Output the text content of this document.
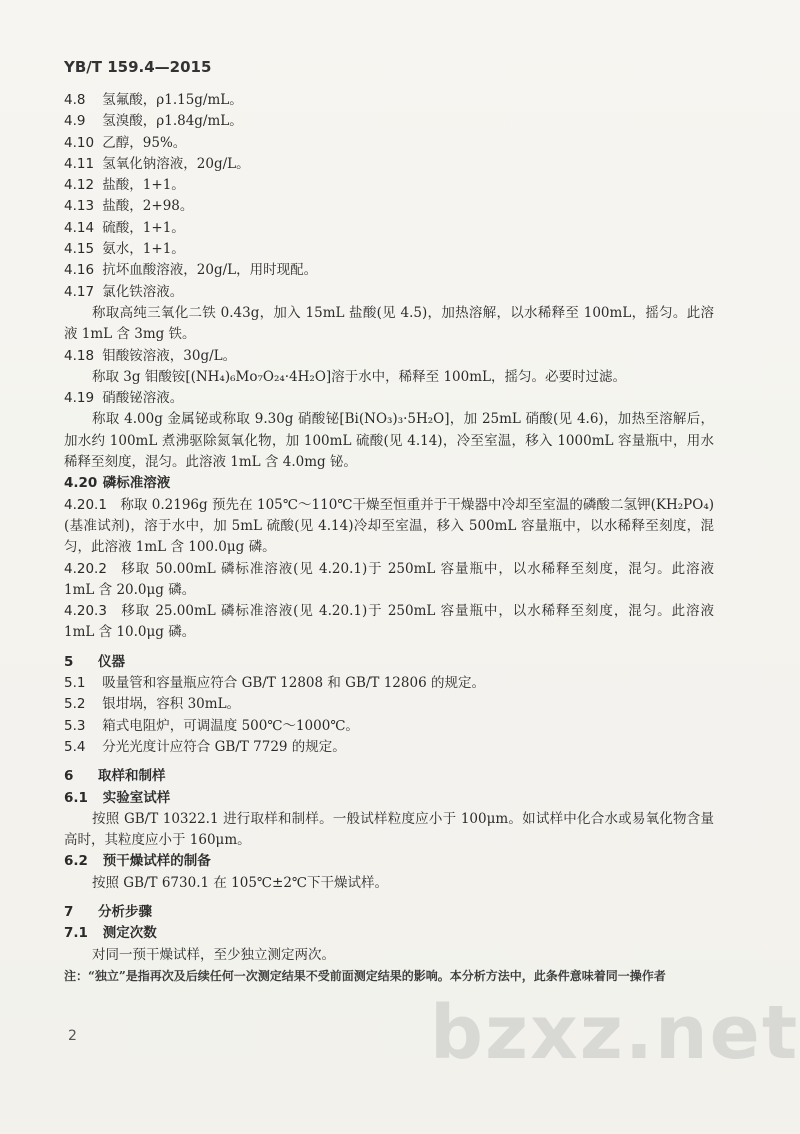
YB/T 159.4—2015
4.8 氢氟酸，ρ1.15g/mL。
4.9 氢溴酸，ρ1.84g/mL。
4.10 乙醇，95%。
4.11 氢氧化钠溶液，20g/L。
4.12 盐酸，1+1。
4.13 盐酸，2+98。
4.14 硫酸，1+1。
4.15 氨水，1+1。
4.16 抗坏血酸溶液，20g/L，用时现配。
4.17 氯化铁溶液。
称取高纯三氧化二铁 0.43g，加入 15mL 盐酸(见 4.5)，加热溶解，以水稀释至 100mL，摇匀。此溶液 1mL 含 3mg 铁。
4.18 钼酸铵溶液，30g/L。
称取 3g 钼酸铵[(NH₄)₆Mo₇O₂₄·4H₂O]溶于水中，稀释至 100mL，摇匀。必要时过滤。
4.19 硝酸铋溶液。
称取 4.00g 金属铋或称取 9.30g 硝酸铋[Bi(NO₃)₃·5H₂O]，加 25mL 硝酸(见 4.6)，加热至溶解后，加水约 100mL 煮沸驱除氮氧化物，加 100mL 硫酸(见 4.14)，冷至室温，移入 1000mL 容量瓶中，用水稀释至刻度，混匀。此溶液 1mL 含 4.0mg 铋。
4.20 磷标准溶液
4.20.1 称取 0.2196g 预先在 105℃～110℃干燥至恒重并于干燥器中冷却至室温的磷酸二氢钾(KH₂PO₄)(基准试剂)，溶于水中，加 5mL 硫酸(见 4.14)冷却至室温，移入 500mL 容量瓶中，以水稀释至刻度，混匀，此溶液 1mL 含 100.0μg 磷。
4.20.2 移取 50.00mL 磷标准溶液(见 4.20.1)于 250mL 容量瓶中，以水稀释至刻度，混匀。此溶液 1mL 含 20.0μg 磷。
4.20.3 移取 25.00mL 磷标准溶液(见 4.20.1)于 250mL 容量瓶中，以水稀释至刻度，混匀。此溶液 1mL 含 10.0μg 磷。
5 仪器
5.1 吸量管和容量瓶应符合 GB/T 12808 和 GB/T 12806 的规定。
5.2 银坩埚，容积 30mL。
5.3 箱式电阻炉，可调温度 500℃～1000℃。
5.4 分光光度计应符合 GB/T 7729 的规定。
6 取样和制样
6.1 实验室试样
按照 GB/T 10322.1 进行取样和制样。一般试样粒度应小于 100μm。如试样中化合水或易氧化物含量高时，其粒度应小于 160μm。
6.2 预干燥试样的制备
按照 GB/T 6730.1 在 105℃±2℃下干燥试样。
7 分析步骤
7.1 测定次数
对同一预干燥试样，至少独立测定两次。
注：“独立”是指再次及后续任何一次测定结果不受前面测定结果的影响。本分析方法中，此条件意味着同一操作者
2	bzxz.net
